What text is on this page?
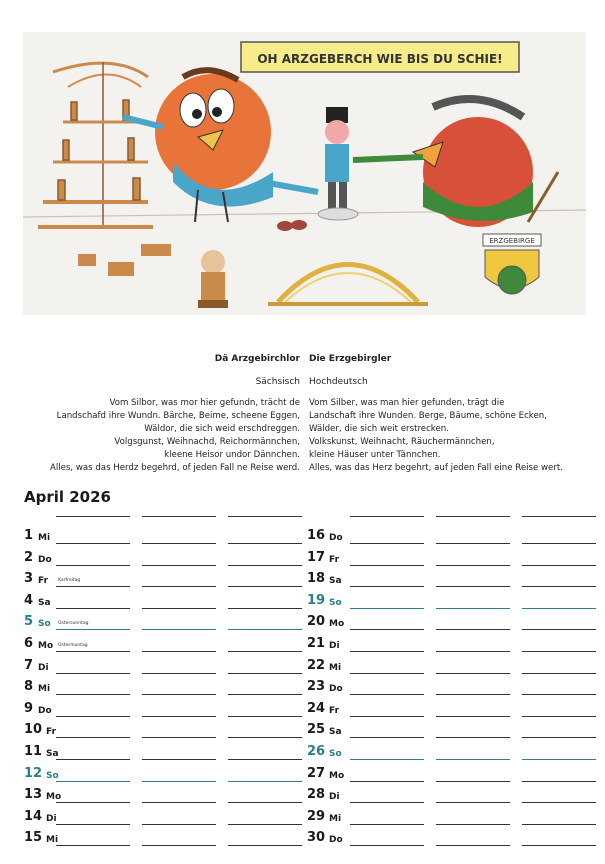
OH ARZGEBERCH WIE BIS DU SCHIE!
ERZGEBIRGE
Dä Arzgebirchlor Die Erzgebirgler
Sächsisch Hochdeutsch
Vom Silbor, was mor hier gefundn, trächt de
Landschafd ihre Wundn. Bärche, Beime, scheene Eggen,
Wäldor, die sich weid erschdreggen.
Volgsgunst, Weihnachd, Reichormännchen,
kleene Heisor undor Dännchen.
Alles, was das Herdz begehrd, of jeden Fall ne Reise werd.
Vom Silber, was man hier gefunden, trägt die
Landschaft ihre Wunden. Berge, Bäume, schöne Ecken,
Wälder, die sich weit erstrecken.
Volkskunst, Weihnacht, Räuchermännchen,
kleine Häuser unter Tännchen.
Alles, was das Herz begehrt, auf jeden Fall eine Reise wert.
April 2026
1 Mi
2 Do
3 Fr Karfreitag
4 Sa
5 So Ostersonntag
6 Mo Ostermontag
7 Di
8 Mi
9 Do
10 Fr
11 Sa
12 So
13 Mo
14 Di
15 Mi
16 Do
17 Fr
18 Sa
19 So
20 Mo
21 Di
22 Mi
23 Do
24 Fr
25 Sa
26 So
27 Mo
28 Di
29 Mi
30 Do
